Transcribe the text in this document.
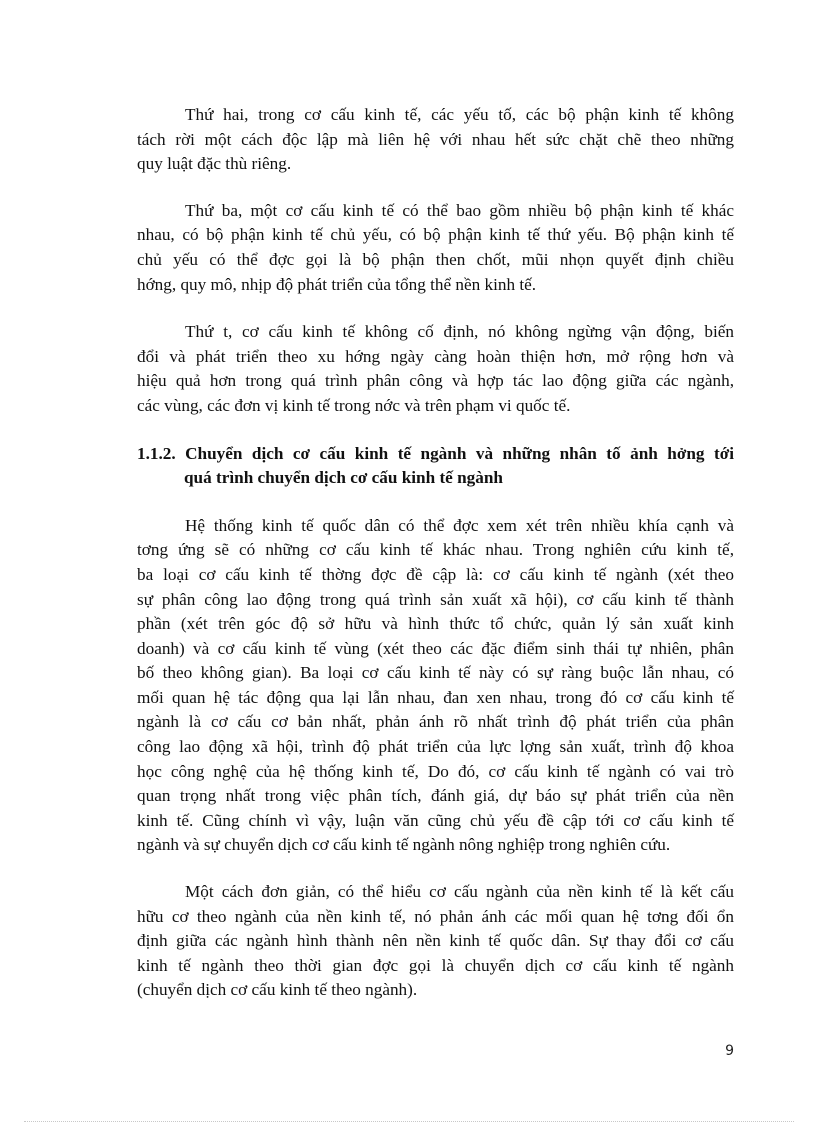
Thứ hai, trong cơ cấu kinh tế, các yếu tố, các bộ phận kinh tế không
tách rời một cách độc lập mà liên hệ với nhau hết sức chặt chẽ theo những
quy luật đặc thù riêng.

Thứ ba, một cơ cấu kinh tế có thể bao gồm nhiều bộ phận kinh tế khác
nhau, có bộ phận kinh tế chủ yếu, có bộ phận kinh tế thứ yếu. Bộ phận kinh tế
chủ yếu có thể đợc gọi là bộ phận then chốt, mũi nhọn quyết định chiều
hớng, quy mô, nhịp độ phát triển của tổng thể nền kinh tế.

Thứ t, cơ cấu kinh tế không cố định, nó không ngừng vận động, biến
đổi và phát triển theo xu hớng ngày càng hoàn thiện hơn, mở rộng hơn và
hiệu quả hơn trong quá trình phân công và hợp tác lao động giữa các ngành,
các vùng, các đơn vị kinh tế trong nớc và trên phạm vi quốc tế.

1.1.2. Chuyển dịch cơ cấu kinh tế ngành và những nhân tố ảnh hởng tới
quá trình chuyển dịch cơ cấu kinh tế ngành

Hệ thống kinh tế quốc dân có thể đợc xem xét trên nhiều khía cạnh và
tơng ứng sẽ có những cơ cấu kinh tế khác nhau. Trong nghiên cứu kinh tế,
ba loại cơ cấu kinh tế thờng đợc đề cập là: cơ cấu kinh tế ngành (xét theo
sự phân công lao động trong quá trình sản xuất xã hội), cơ cấu kinh tế thành
phần (xét trên góc độ sở hữu và hình thức tổ chức, quản lý sản xuất kinh
doanh) và cơ cấu kinh tế vùng (xét theo các đặc điểm sinh thái tự nhiên, phân
bố theo không gian). Ba loại cơ cấu kinh tế này có sự ràng buộc lẫn nhau, có
mối quan hệ tác động qua lại lẫn nhau, đan xen nhau, trong đó cơ cấu kinh tế
ngành là cơ cấu cơ bản nhất, phản ánh rõ nhất trình độ phát triển của phân
công lao động xã hội, trình độ phát triển của lực lợng sản xuất, trình độ khoa
học công nghệ của hệ thống kinh tế, Do đó, cơ cấu kinh tế ngành có vai trò
quan trọng nhất trong việc phân tích, đánh giá, dự báo sự phát triển của nền
kinh tế. Cũng chính vì vậy, luận văn cũng chủ yếu đề cập tới cơ cấu kinh tế
ngành và sự chuyển dịch cơ cấu kinh tế ngành nông nghiệp trong nghiên cứu.

Một cách đơn giản, có thể hiểu cơ cấu ngành của nền kinh tế là kết cấu
hữu cơ theo ngành của nền kinh tế, nó phản ánh các mối quan hệ tơng đối ổn
định giữa các ngành hình thành nên nền kinh tế quốc dân. Sự thay đổi cơ cấu
kinh tế ngành theo thời gian đợc gọi là chuyển dịch cơ cấu kinh tế ngành
(chuyển dịch cơ cấu kinh tế theo ngành).

9
